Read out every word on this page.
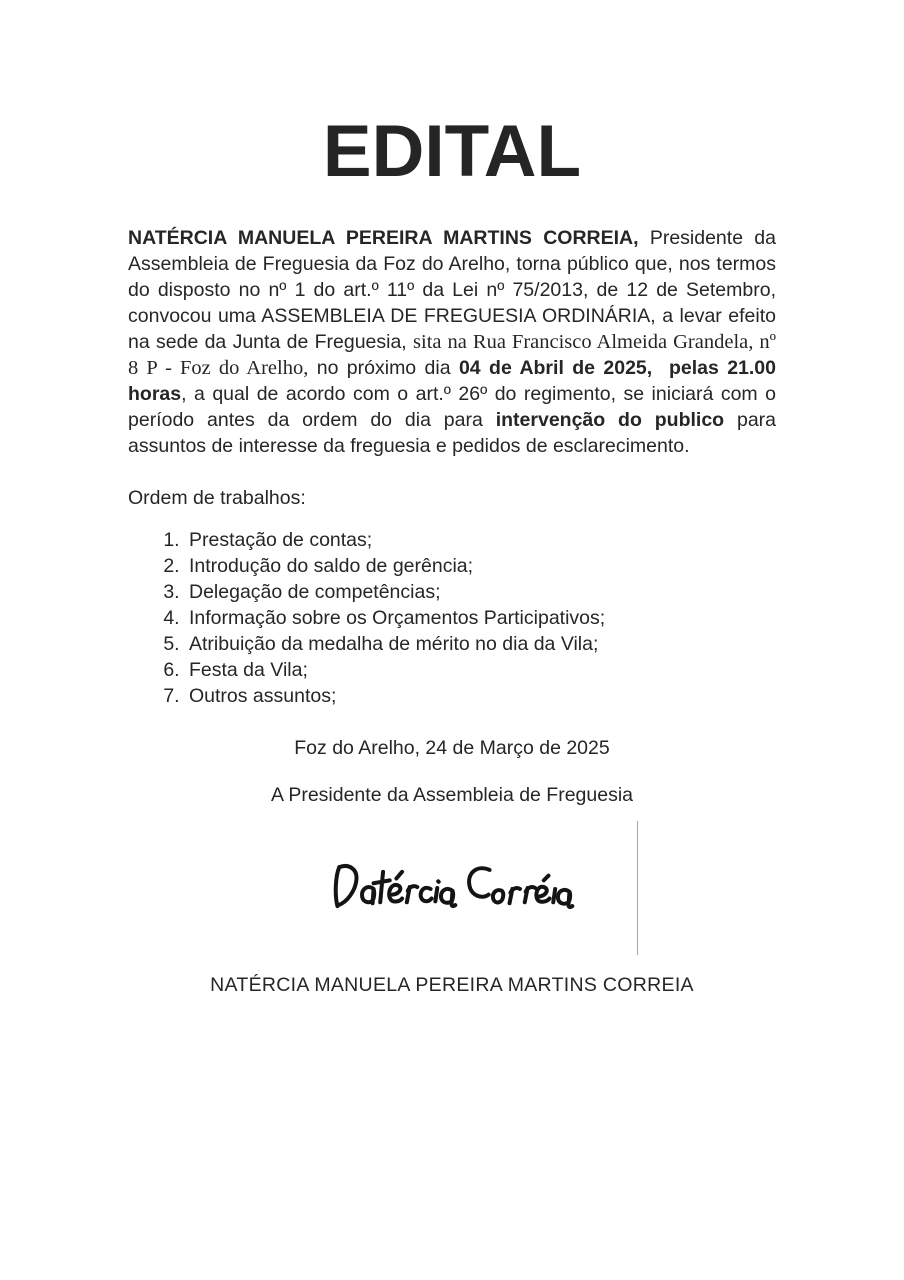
EDITAL

NATÉRCIA MANUELA PEREIRA MARTINS CORREIA, Presidente da Assembleia de Freguesia da Foz do Arelho, torna público que, nos termos do disposto no nº 1 do art.º 11º da Lei nº 75/2013, de 12 de Setembro, convocou uma ASSEMBLEIA DE FREGUESIA ORDINÁRIA, a levar efeito na sede da Junta de Freguesia, sita na Rua Francisco Almeida Grandela, nº 8 P - Foz do Arelho, no próximo dia 04 de Abril de 2025,  pelas 21.00 horas, a qual de acordo com o art.º 26º do regimento, se iniciará com o período antes da ordem do dia para intervenção do publico para assuntos de interesse da freguesia e pedidos de esclarecimento.

Ordem de trabalhos:

1. Prestação de contas;
2. Introdução do saldo de gerência;
3. Delegação de competências;
4. Informação sobre os Orçamentos Participativos;
5. Atribuição da medalha de mérito no dia da Vila;
6. Festa da Vila;
7. Outros assuntos;

Foz do Arelho, 24 de Março de 2025

A Presidente da Assembleia de Freguesia

NATÉRCIA MANUELA PEREIRA MARTINS CORREIA
